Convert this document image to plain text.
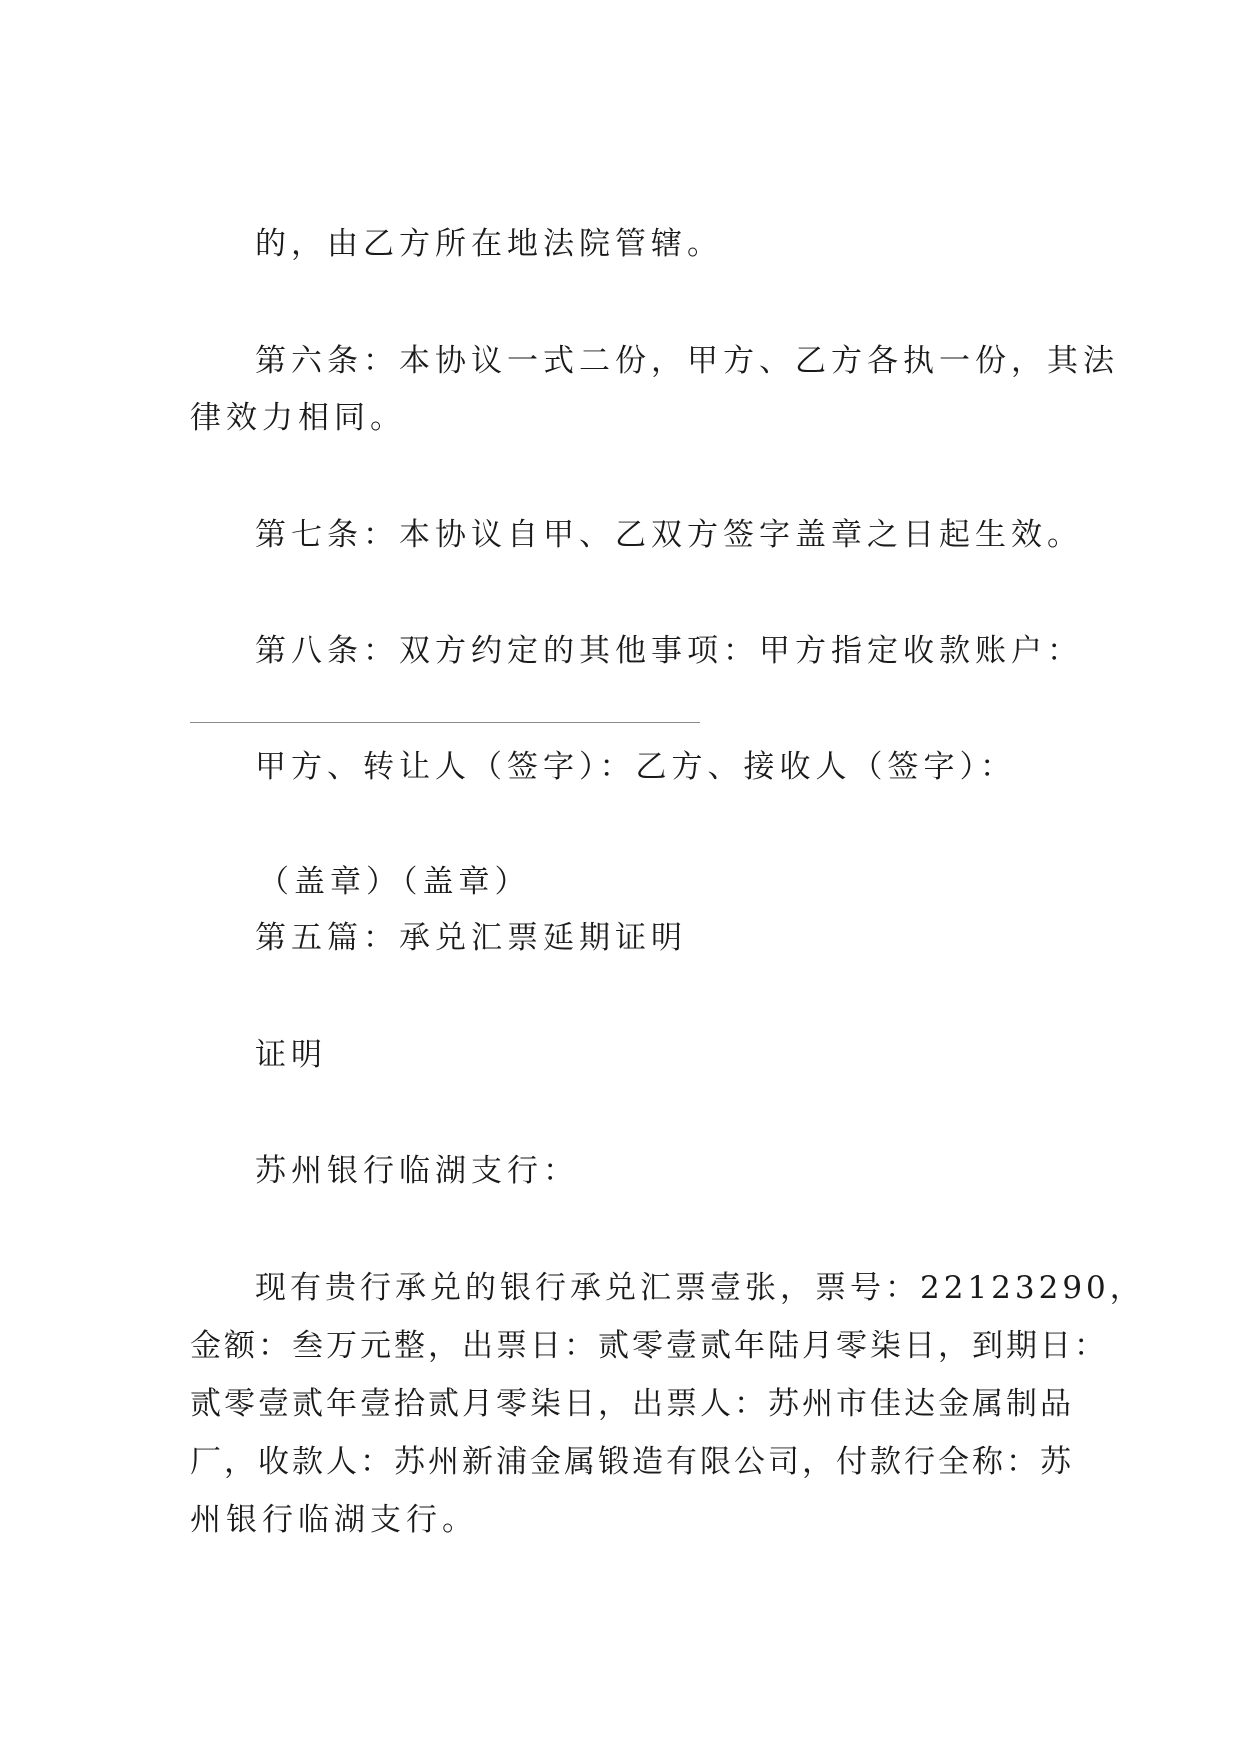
的，由乙方所在地法院管辖。
第六条：本协议一式二份，甲方、乙方各执一份，其法
律效力相同。
第七条：本协议自甲、乙双方签字盖章之日起生效。
第八条：双方约定的其他事项：甲方指定收款账户：
甲方、转让人（签字）：乙方、接收人（签字）：
（盖章）（盖章）
第五篇：承兑汇票延期证明
证明
苏州银行临湖支行：
现有贵行承兑的银行承兑汇票壹张，票号：22123290，
金额：叁万元整，出票日：贰零壹贰年陆月零柒日，到期日：
贰零壹贰年壹拾贰月零柒日，出票人：苏州市佳达金属制品
厂，收款人：苏州新浦金属锻造有限公司，付款行全称：苏
州银行临湖支行。
